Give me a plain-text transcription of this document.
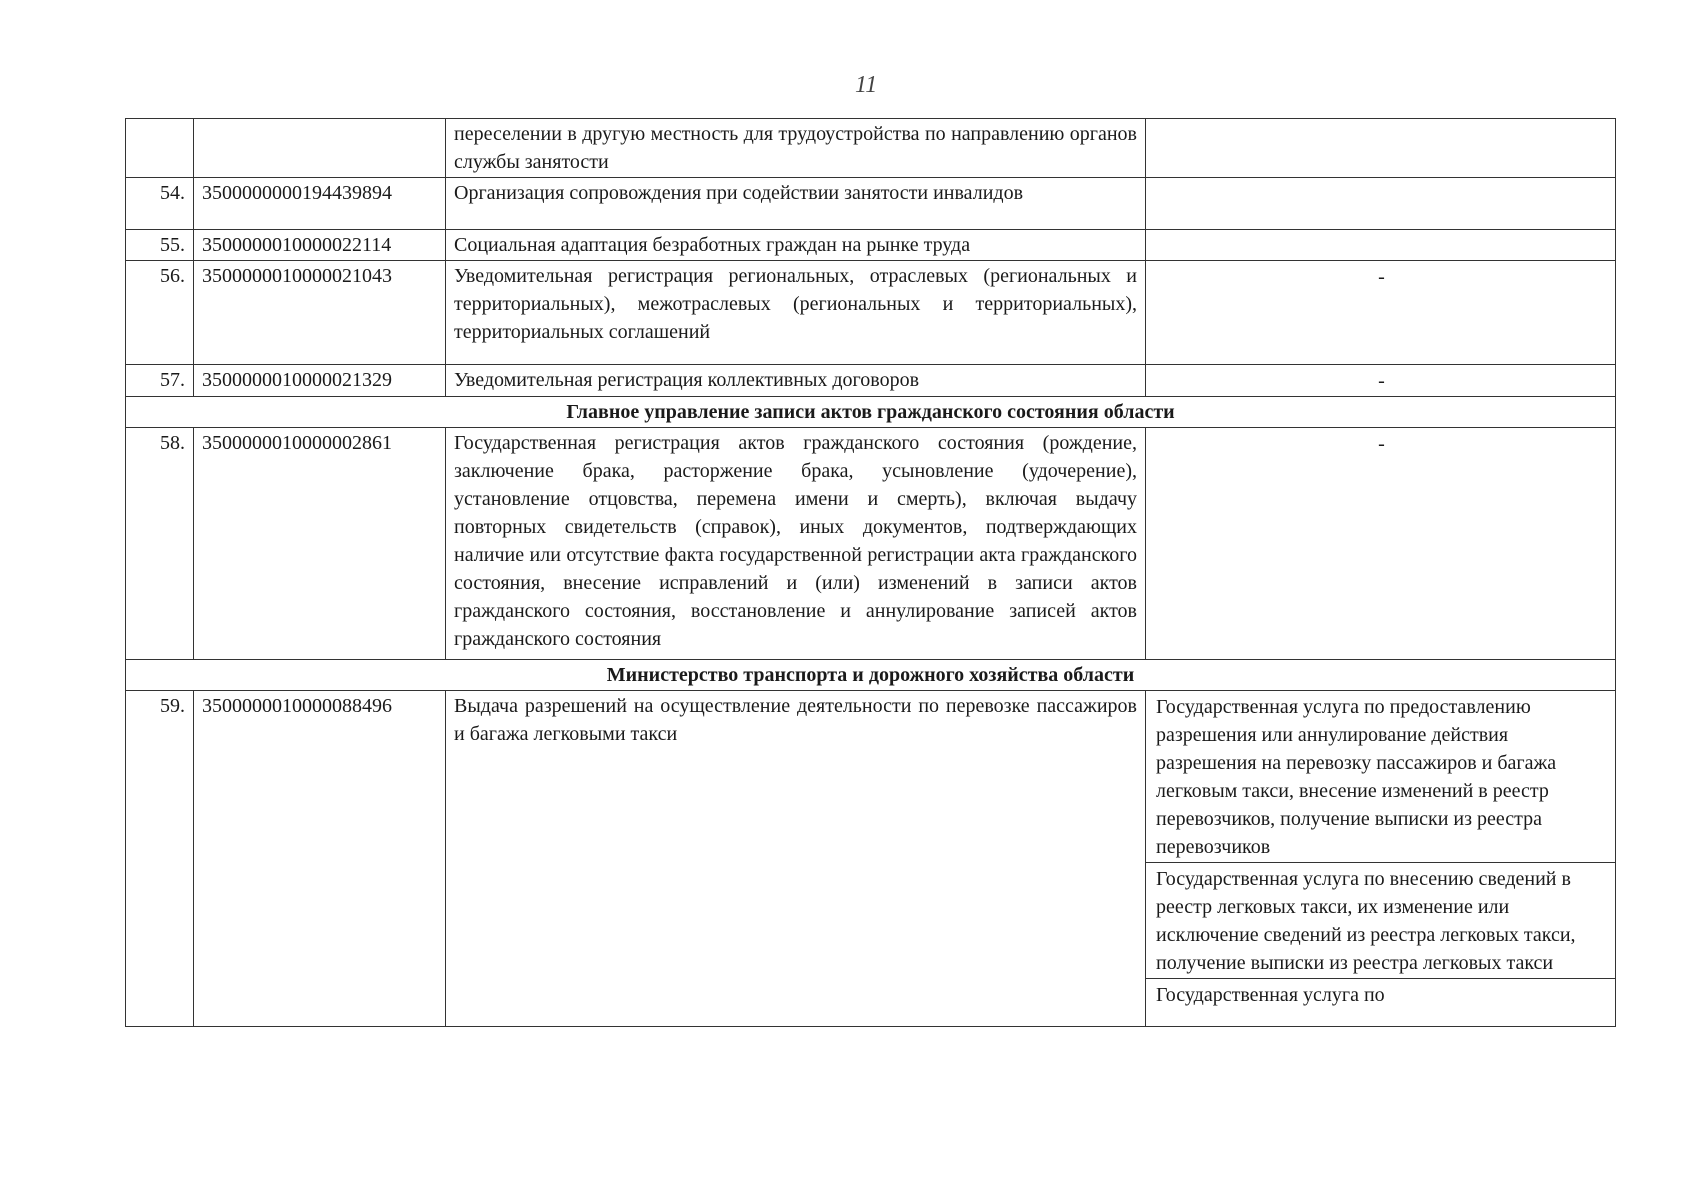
11
		переселении в другую местность для трудоустройства по направлению органов службы занятости	

54.	3500000000194439894	Организация сопровождения при содействии занятости инвалидов	

55.	3500000010000022114	Социальная адаптация безработных граждан на рынке труда	

56.	3500000010000021043	Уведомительная регистрация региональных, отраслевых (региональных и территориальных), межотраслевых (региональных и территориальных), территориальных соглашений	-

57.	3500000010000021329	Уведомительная регистрация коллективных договоров	-

Главное управление записи актов гражданского состояния области			
58.	3500000010000002861	Государственная регистрация актов гражданского состояния (рождение, заключение брака, расторжение брака, усыновление (удочерение), установление отцовства, перемена имени и смерть), включая выдачу повторных свидетельств (справок), иных документов, подтверждающих наличие или отсутствие факта государственной регистрации акта гражданского состояния, внесение исправлений и (или) изменений в записи актов гражданского состояния, восстановление и аннулирование записей актов гражданского состояния	-

Министерство транспорта и дорожного хозяйства области			
59.	3500000010000088496	Выдача разрешений на осуществление деятельности по перевозке пассажиров и багажа легковыми такси	Государственная услуга по предоставлению разрешения или аннулирование действия разрешения на перевозку пассажиров и багажа легковым такси, внесение изменений в реестр перевозчиков, получение выписки из реестра перевозчиков
Государственная услуга по внесению сведений в реестр легковых такси, их изменение или исключение сведений из реестра легковых такси, получение выписки из реестра легковых такси
Государственная услуга по
